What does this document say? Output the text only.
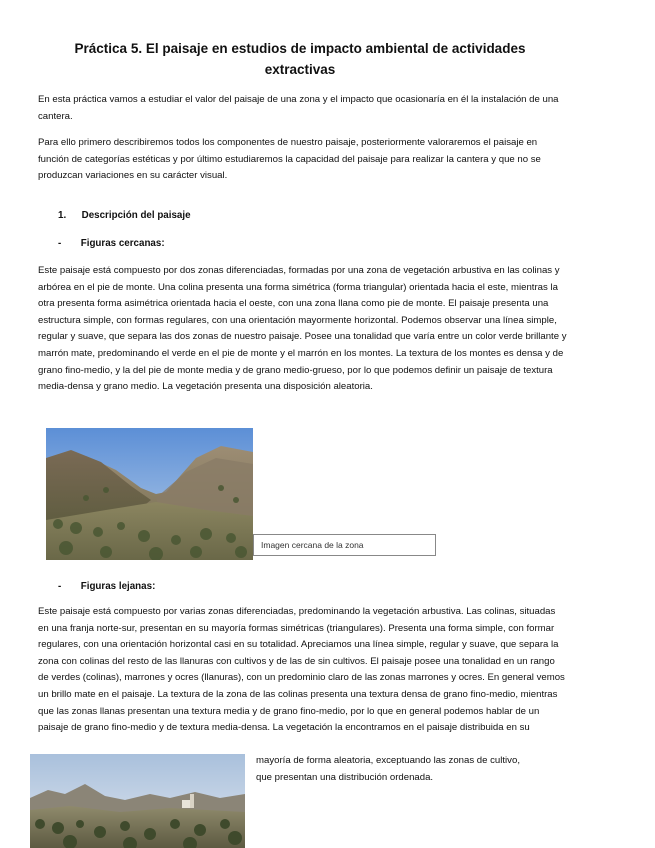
Práctica 5. El paisaje en estudios de impacto ambiental de actividades
extractivas

En esta práctica vamos a estudiar el valor del paisaje de una zona y el impacto que ocasionaría en él la instalación de una cantera.

Para ello primero describiremos todos los componentes de nuestro paisaje, posteriormente valoraremos el paisaje en función de categorías estéticas y por último estudiaremos la capacidad del paisaje para realizar la cantera y que no se produzcan variaciones en su carácter visual.

1. Descripción del paisaje
- Figuras cercanas:

Este paisaje está compuesto por dos zonas diferenciadas, formadas por una zona de vegetación arbustiva en las colinas y arbórea en el pie de monte. Una colina presenta una forma simétrica (forma triangular) orientada hacia el este, mientras la otra presenta forma asimétrica orientada hacia el oeste, con una zona llana como pie de monte. El paisaje presenta una estructura simple, con formas regulares, con una orientación mayormente horizontal. Podemos observar una línea simple, regular y suave, que separa las dos zonas de nuestro paisaje. Posee una tonalidad que varía entre un color verde brillante y marrón mate, predominando el verde en el pie de monte y el marrón en los montes. La textura de los montes es densa y de grano fino-medio, y la del pie de monte media y de grano medio-grueso, por lo que podemos definir un paisaje de textura media-densa y grano medio. La vegetación presenta una disposición aleatoria.

Imagen cercana de la zona
- Figuras lejanas:

Este paisaje está compuesto por varias zonas diferenciadas, predominando la vegetación arbustiva. Las colinas, situadas en una franja norte-sur, presentan en su mayoría formas simétricas (triangulares). Presenta una forma simple, con formar regulares, con una orientación horizontal casi en su totalidad. Apreciamos una línea simple, regular y suave, que separa la zona con colinas del resto de las llanuras con cultivos y de las de sin cultivos. El paisaje posee una tonalidad en un rango de verdes (colinas), marrones y ocres (llanuras), con un predominio claro de las zonas marrones y ocres. En general vemos un brillo mate en el paisaje. La textura de la zona de las colinas presenta una textura densa de grano fino-medio, mientras que las zonas llanas presentan una textura media y de grano fino-medio, por lo que en general podemos hablar de un paisaje de grano fino-medio y de textura media-densa. La vegetación la encontramos en el paisaje distribuida en su

mayoría de forma aleatoria, exceptuando las zonas de cultivo,
que presentan una distribución ordenada.
